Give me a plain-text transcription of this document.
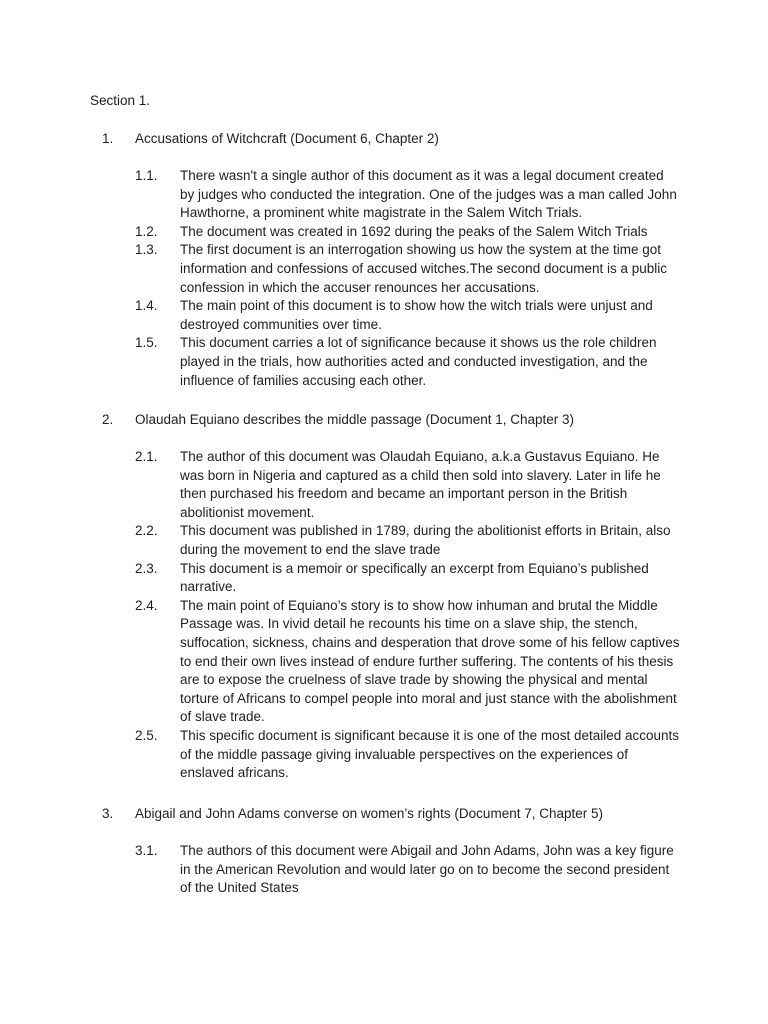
Section 1.
1. Accusations of Witchcraft (Document 6, Chapter 2)
1.1. There wasn't a single author of this document as it was a legal document created by judges who conducted the integration. One of the judges was a man called John Hawthorne, a prominent white magistrate in the Salem Witch Trials.
1.2. The document was created in 1692 during the peaks of the Salem Witch Trials
1.3. The first document is an interrogation showing us how the system at the time got information and confessions of accused witches.The second document is a public confession in which the accuser renounces her accusations.
1.4. The main point of this document is to show how the witch trials were unjust and destroyed communities over time.
1.5. This document carries a lot of significance because it shows us the role children played in the trials, how authorities acted and conducted investigation, and the influence of families accusing each other.
2. Olaudah Equiano describes the middle passage (Document 1, Chapter 3)
2.1. The author of this document was Olaudah Equiano, a.k.a Gustavus Equiano. He was born in Nigeria and captured as a child then sold into slavery. Later in life he then purchased his freedom and became an important person in the British abolitionist movement.
2.2. This document was published in 1789, during the abolitionist efforts in Britain, also during the movement to end the slave trade
2.3. This document is a memoir or specifically an excerpt from Equiano’s published narrative.
2.4. The main point of Equiano’s story is to show how inhuman and brutal the Middle Passage was. In vivid detail he recounts his time on a slave ship, the stench, suffocation, sickness, chains and desperation that drove some of his fellow captives to end their own lives instead of endure further suffering. The contents of his thesis are to expose the cruelness of slave trade by showing the physical and mental torture of Africans to compel people into moral and just stance with the abolishment of slave trade.
2.5. This specific document is significant because it is one of the most detailed accounts of the middle passage giving invaluable perspectives on the experiences of enslaved africans.
3. Abigail and John Adams converse on women’s rights (Document 7, Chapter 5)
3.1. The authors of this document were Abigail and John Adams, John was a key figure in the American Revolution and would later go on to become the second president of the United States
